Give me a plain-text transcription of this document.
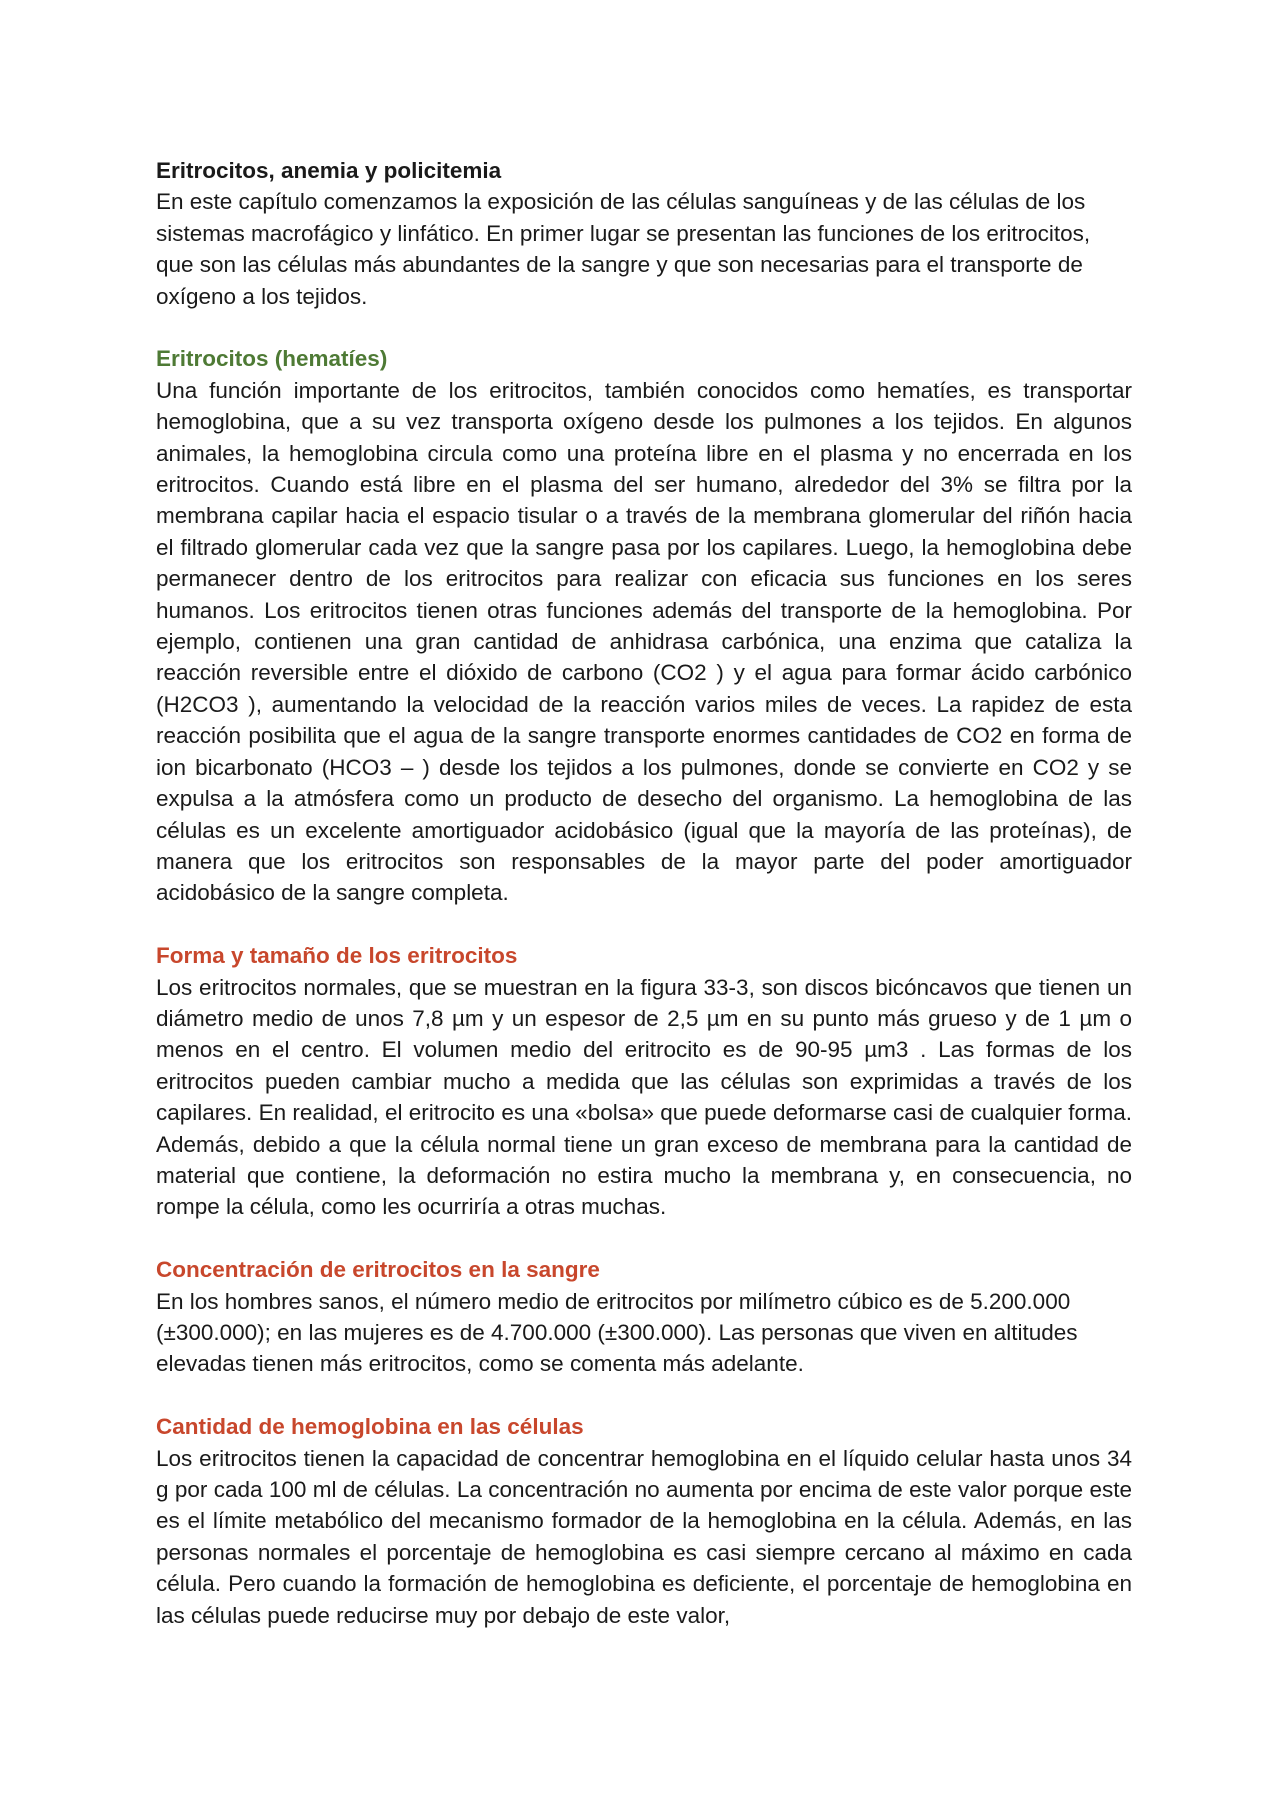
Eritrocitos, anemia y policitemia

En este capítulo comenzamos la exposición de las células sanguíneas y de las células de los sistemas macrofágico y linfático. En primer lugar se presentan las funciones de los eritrocitos, que son las células más abundantes de la sangre y que son necesarias para el transporte de oxígeno a los tejidos.

Eritrocitos (hematíes)

Una función importante de los eritrocitos, también conocidos como hematíes, es transportar hemoglobina, que a su vez transporta oxígeno desde los pulmones a los tejidos. En algunos animales, la hemoglobina circula como una proteína libre en el plasma y no encerrada en los eritrocitos. Cuando está libre en el plasma del ser humano, alrededor del 3% se filtra por la membrana capilar hacia el espacio tisular o a través de la membrana glomerular del riñón hacia el filtrado glomerular cada vez que la sangre pasa por los capilares. Luego, la hemoglobina debe permanecer dentro de los eritrocitos para realizar con eficacia sus funciones en los seres humanos. Los eritrocitos tienen otras funciones además del transporte de la hemoglobina. Por ejemplo, contienen una gran cantidad de anhidrasa carbónica, una enzima que cataliza la reacción reversible entre el dióxido de carbono (CO2 ) y el agua para formar ácido carbónico (H2CO3 ), aumentando la velocidad de la reacción varios miles de veces. La rapidez de esta reacción posibilita que el agua de la sangre transporte enormes cantidades de CO2 en forma de ion bicarbonato (HCO3 – ) desde los tejidos a los pulmones, donde se convierte en CO2 y se expulsa a la atmósfera como un producto de desecho del organismo. La hemoglobina de las células es un excelente amortiguador acidobásico (igual que la mayoría de las proteínas), de manera que los eritrocitos son responsables de la mayor parte del poder amortiguador acidobásico de la sangre completa.

Forma y tamaño de los eritrocitos

Los eritrocitos normales, que se muestran en la figura 33-3, son discos bicóncavos que tienen un diámetro medio de unos 7,8 µm y un espesor de 2,5 µm en su punto más grueso y de 1 µm o menos en el centro. El volumen medio del eritrocito es de 90-95 µm3 . Las formas de los eritrocitos pueden cambiar mucho a medida que las células son exprimidas a través de los capilares. En realidad, el eritrocito es una «bolsa» que puede deformarse casi de cualquier forma. Además, debido a que la célula normal tiene un gran exceso de membrana para la cantidad de material que contiene, la deformación no estira mucho la membrana y, en consecuencia, no rompe la célula, como les ocurriría a otras muchas.

Concentración de eritrocitos en la sangre

En los hombres sanos, el número medio de eritrocitos por milímetro cúbico es de 5.200.000 (±300.000); en las mujeres es de 4.700.000 (±300.000). Las personas que viven en altitudes elevadas tienen más eritrocitos, como se comenta más adelante.

Cantidad de hemoglobina en las células

Los eritrocitos tienen la capacidad de concentrar hemoglobina en el líquido celular hasta unos 34 g por cada 100 ml de células. La concentración no aumenta por encima de este valor porque este es el límite metabólico del mecanismo formador de la hemoglobina en la célula. Además, en las personas normales el porcentaje de hemoglobina es casi siempre cercano al máximo en cada célula. Pero cuando la formación de hemoglobina es deficiente, el porcentaje de hemoglobina en las células puede reducirse muy por debajo de este valor,
